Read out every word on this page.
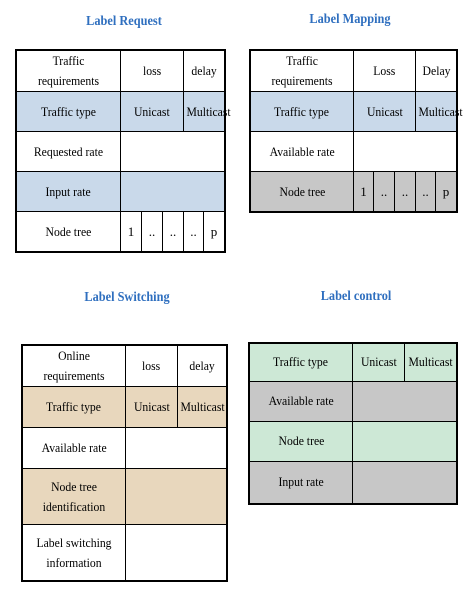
Label Request
Traffic requirements	loss			delay	
Traffic type	Unicast			Multicast	
Requested rate					
Input rate					
Node tree	1	..	..	..	p
Label Mapping
Traffic requirements	Loss			Delay	
Traffic type	Unicast			Multicast	
Available rate					
Node tree	1	..	..	..	p
Label Switching
Online requirements	loss	delay
Traffic type	Unicast	Multicast
Available rate		
Node tree identification		
Label switching information		
Label control
Traffic type	Unicast	Multicast
Available rate		
Node tree		
Input rate		
